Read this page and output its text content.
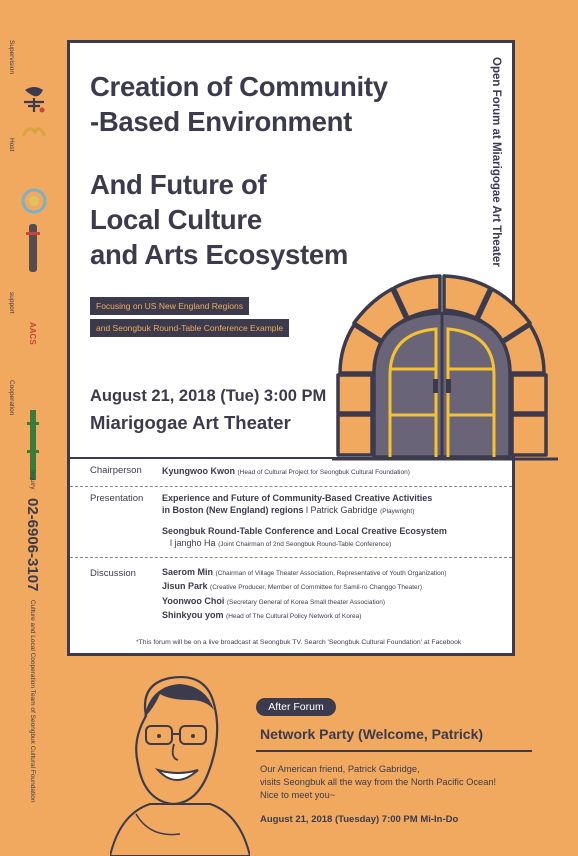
Supervision
Host
support
AACS
Cooperation
Inquiry 02-6906-3107 Culture and Local Cooperation Team of Seongbuk Cultural Foundation
Creation of Community
-Based Environment
And Future of
Local Culture
and Arts Ecosystem	Open Forum at Miarigogae Art Theater
Focusing on US New England Regions
and Seongbuk Round-Table Conference Example
August 21, 2018 (Tue) 3:00 PM
Miarigogae Art Theater
Chairperson Kyungwoo Kwon (Head of Cultural Project for Seongbuk Cultural Foundation)
Presentation Experience and Future of Community-Based Creative Activities
in Boston (New England) regions l Patrick Gabridge (Playwright)
Seongbuk Round-Table Conference and Local Creative Ecosystem
l jangho Ha (Joint Chairman of 2nd Seongbuk Round-Table Conference)
Discussion	Saerom Min (Chairman of Village Theater Association, Representative of Youth Organization)
Jisun Park (Creative Producer, Member of Committee for Samil-ro Changgo Theater)
Yoonwoo Choi (Secretary General of Korea Small theater Association)
Shinkyou yom (Head of The Cultural Policy Network of Korea)
*This forum will be on a live broadcast at Seongbuk TV. Search 'Seongbuk Cultural Foundation' at Facebook
After Forum
Network Party (Welcome, Patrick)
Our American friend, Patrick Gabridge,
visits Seongbuk all the way from the North Pacific Ocean!
Nice to meet you~
August 21, 2018 (Tuesday) 7:00 PM Mi-In-Do
